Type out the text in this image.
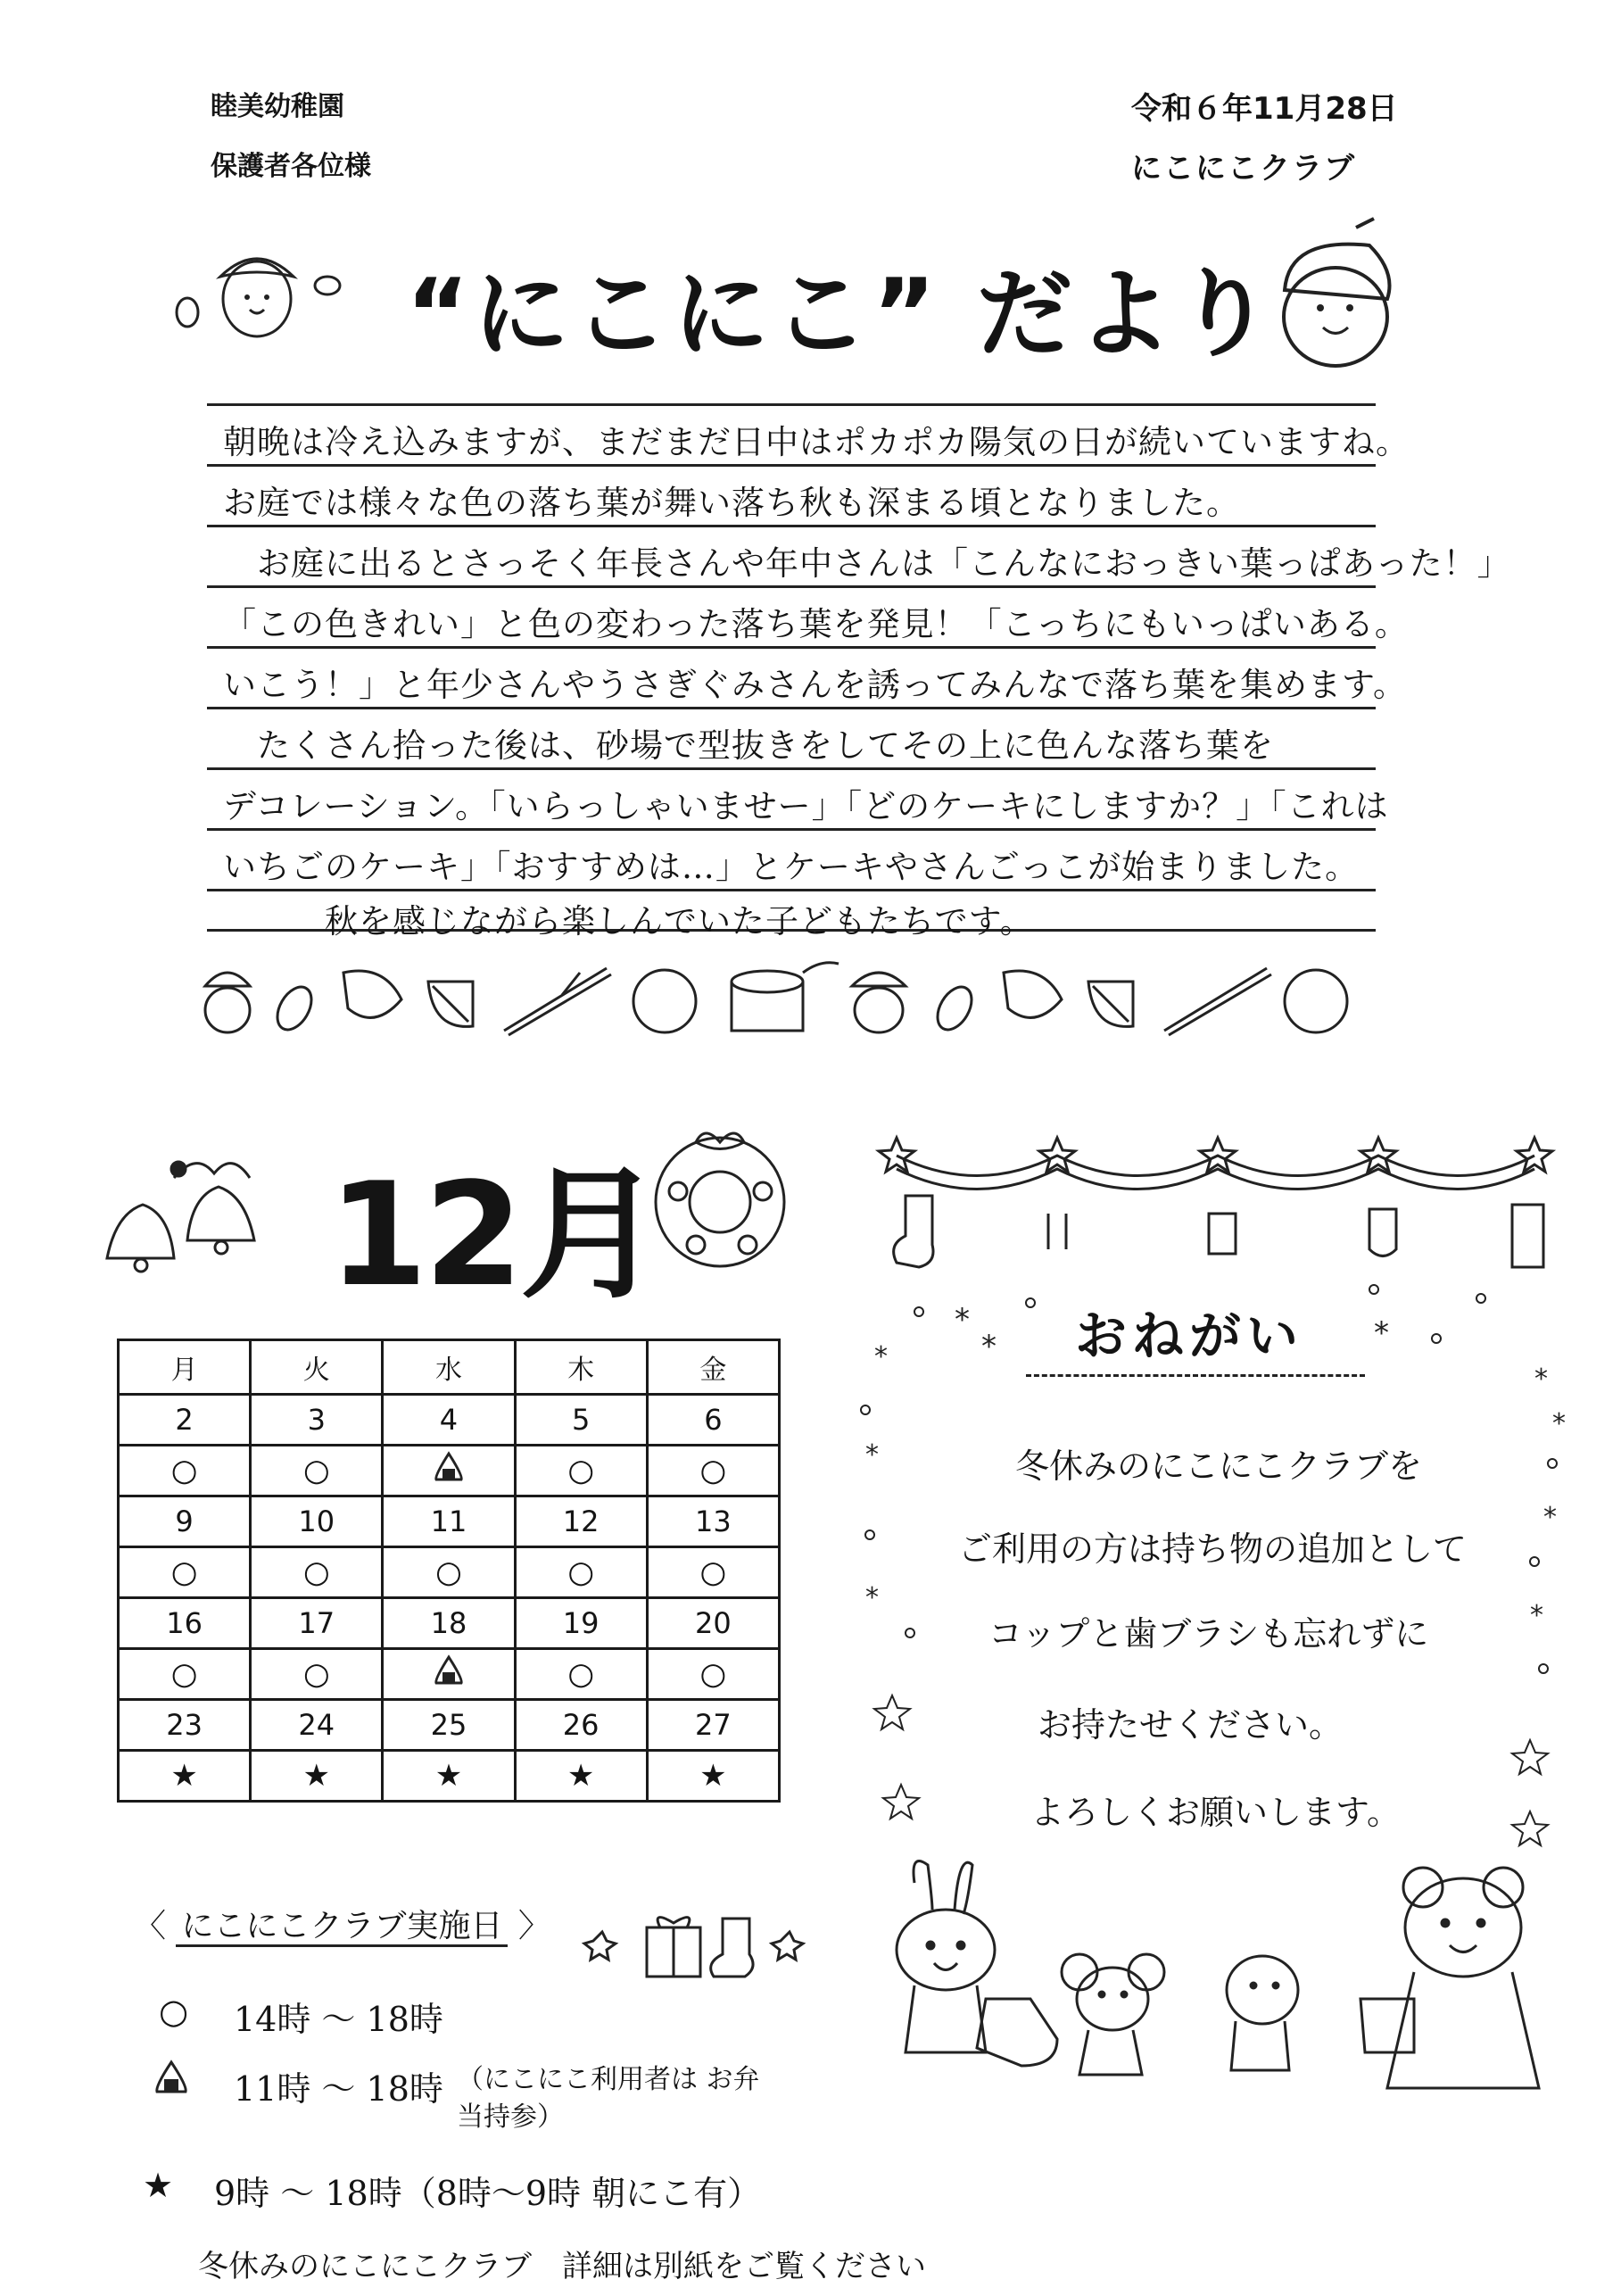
睦美幼稚園
保護者各位様
令和６年11月28日
にこにこクラブ
“にこにこ” だより
朝晩は冷え込みますが、まだまだ日中はポカポカ陽気の日が続いていますね。
お庭では様々な色の落ち葉が舞い落ち秋も深まる頃となりました。
　お庭に出るとさっそく年長さんや年中さんは「こんなにおっきい葉っぱあった！」
「この色きれい」と色の変わった落ち葉を発見！「こっちにもいっぱいある。
いこう！」と年少さんやうさぎぐみさんを誘ってみんなで落ち葉を集めます。
　たくさん拾った後は、砂場で型抜きをしてその上に色んな落ち葉を
デコレーション。「いらっしゃいませー」「どのケーキにしますか？」「これは
いちごのケーキ」「おすすめは…」とケーキやさんごっこが始まりました。
　　　秋を感じながら楽しんでいた子どもたちです。
12月
月	火	水	木	金
2	3	4	5	6
○	○		○	○
9	10	11	12	13
○	○	○	○	○
16	17	18	19	20
○	○		○	○
23	24	25	26	27
★	★	★	★	★
〈 にこにこクラブ実施日 〉
○ 14時 ～ 18時
11時 ～ 18時 （にこにこ利用者は お弁当持参）
★ 9時 ～ 18時（8時～9時 朝にこ有）
冬休みのにこにこクラブ　詳細は別紙をご覧ください
おねがい
*
*	*
*
*
*
*
*
*
*
冬休みのにこにこクラブを
ご利用の方は持ち物の追加として
コップと歯ブラシも忘れずに
お持たせください。
よろしくお願いします。
